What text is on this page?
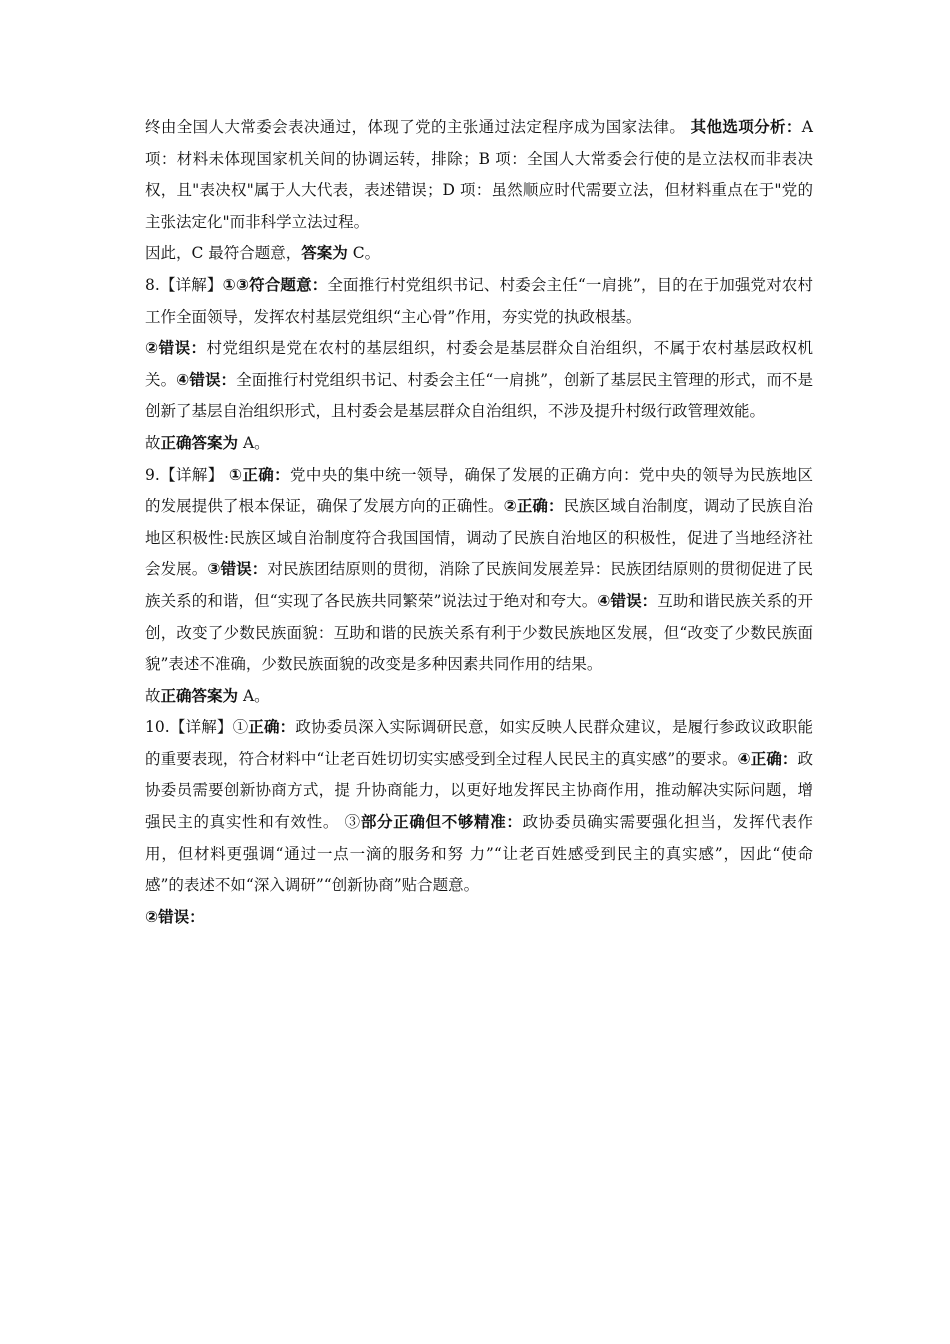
终由全国人大常委会表决通过，体现了党的主张通过法定程序成为国家法律。 其他选项分析：A 项：材料未体现国家机关间的协调运转，排除；B 项：全国人大常委会行使的是立法权而非表决权，且"表决权"属于人大代表，表述错误；D 项：虽然顺应时代需要立法，但材料重点在于"党的主张法定化"而非科学立法过程。

因此，C 最符合题意，答案为 C。

8.【详解】①③符合题意：全面推行村党组织书记、村委会主任“一肩挑”，目的在于加强党对农村工作全面领导，发挥农村基层党组织“主心骨”作用，夯实党的执政根基。

②错误：村党组织是党在农村的基层组织，村委会是基层群众自治组织，不属于农村基层政权机关。④错误：全面推行村党组织书记、村委会主任“一肩挑”，创新了基层民主管理的形式，而不是创新了基层自治组织形式，且村委会是基层群众自治组织，不涉及提升村级行政管理效能。

故正确答案为 A。

9.【详解】 ①正确：党中央的集中统一领导，确保了发展的正确方向：党中央的领导为民族地区的发展提供了根本保证，确保了发展方向的正确性。②正确：民族区域自治制度，调动了民族自治地区积极性:民族区域自治制度符合我国国情，调动了民族自治地区的积极性，促进了当地经济社会发展。③错误：对民族团结原则的贯彻，消除了民族间发展差异：民族团结原则的贯彻促进了民族关系的和谐，但“实现了各民族共同繁荣”说法过于绝对和夸大。④错误：互助和谐民族关系的开创，改变了少数民族面貌：互助和谐的民族关系有利于少数民族地区发展，但“改变了少数民族面貌”表述不准确，少数民族面貌的改变是多种因素共同作用的结果。

故正确答案为 A。

10.【详解】①正确：政协委员深入实际调研民意，如实反映人民群众建议，是履行参政议政职能的重要表现，符合材料中“让老百姓切切实实感受到全过程人民民主的真实感”的要求。④正确：政协委员需要创新协商方式，提 升协商能力，以更好地发挥民主协商作用，推动解决实际问题，增强民主的真实性和有效性。 ③部分正确但不够精准：政协委员确实需要强化担当，发挥代表作用，但材料更强调“通过一点一滴的服务和努 力”“让老百姓感受到民主的真实感”，因此“使命感”的表述不如“深入调研”“创新协商”贴合题意。

②错误：
